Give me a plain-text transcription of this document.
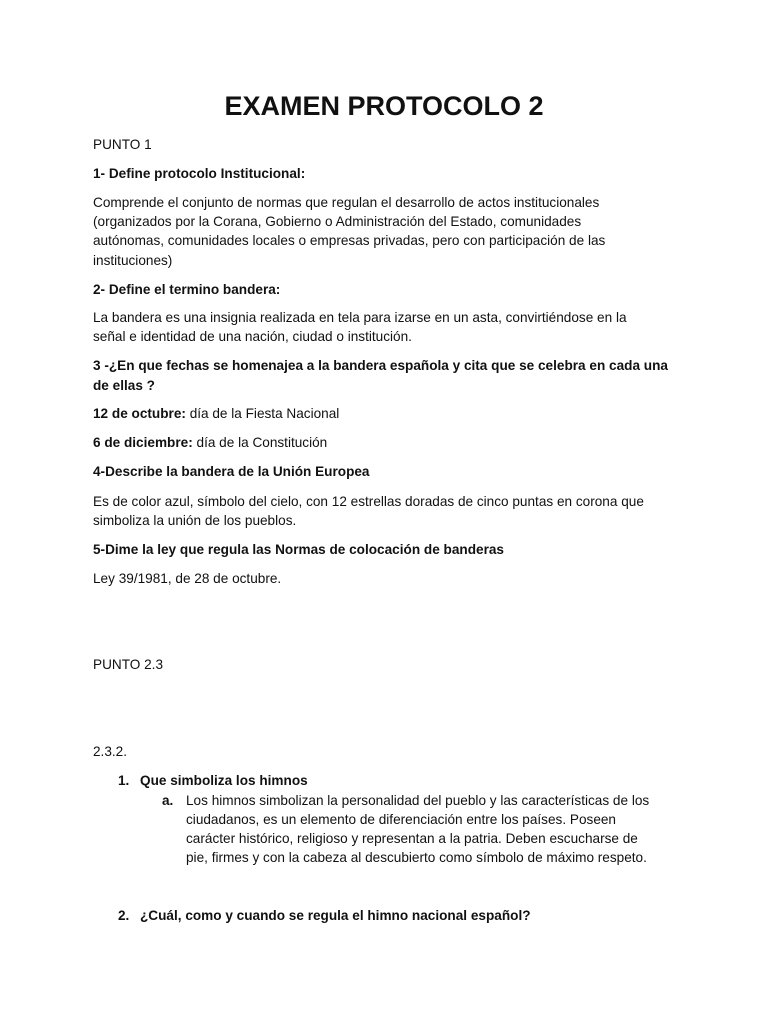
EXAMEN PROTOCOLO 2

PUNTO 1

1- Define protocolo Institucional:

Comprende el conjunto de normas que regulan el desarrollo de actos institucionales

(organizados por la Corana, Gobierno o Administración del Estado, comunidades

autónomas, comunidades locales o empresas privadas, pero con participación de las

instituciones)

2- Define el termino bandera:

La bandera es una insignia realizada en tela para izarse en un asta, convirtiéndose en la

señal e identidad de una nación, ciudad o institución.

3 -¿En que fechas se homenajea a la bandera española y cita que se celebra en cada una

de ellas ?

12 de octubre: día de la Fiesta Nacional

6 de diciembre: día de la Constitución

4-Describe la bandera de la Unión Europea

Es de color azul, símbolo del cielo, con 12 estrellas doradas de cinco puntas en corona que

simboliza la unión de los pueblos.

5-Dime la ley que regula las Normas de colocación de banderas

Ley 39/1981, de 28 de octubre.

PUNTO 2.3

2.3.2.

1. Que simboliza los himnos

a. Los himnos simbolizan la personalidad del pueblo y las características de los

ciudadanos, es un elemento de diferenciación entre los países. Poseen

carácter histórico, religioso y representan a la patria. Deben escucharse de

pie, firmes y con la cabeza al descubierto como símbolo de máximo respeto.

2. ¿Cuál, como y cuando se regula el himno nacional español?
